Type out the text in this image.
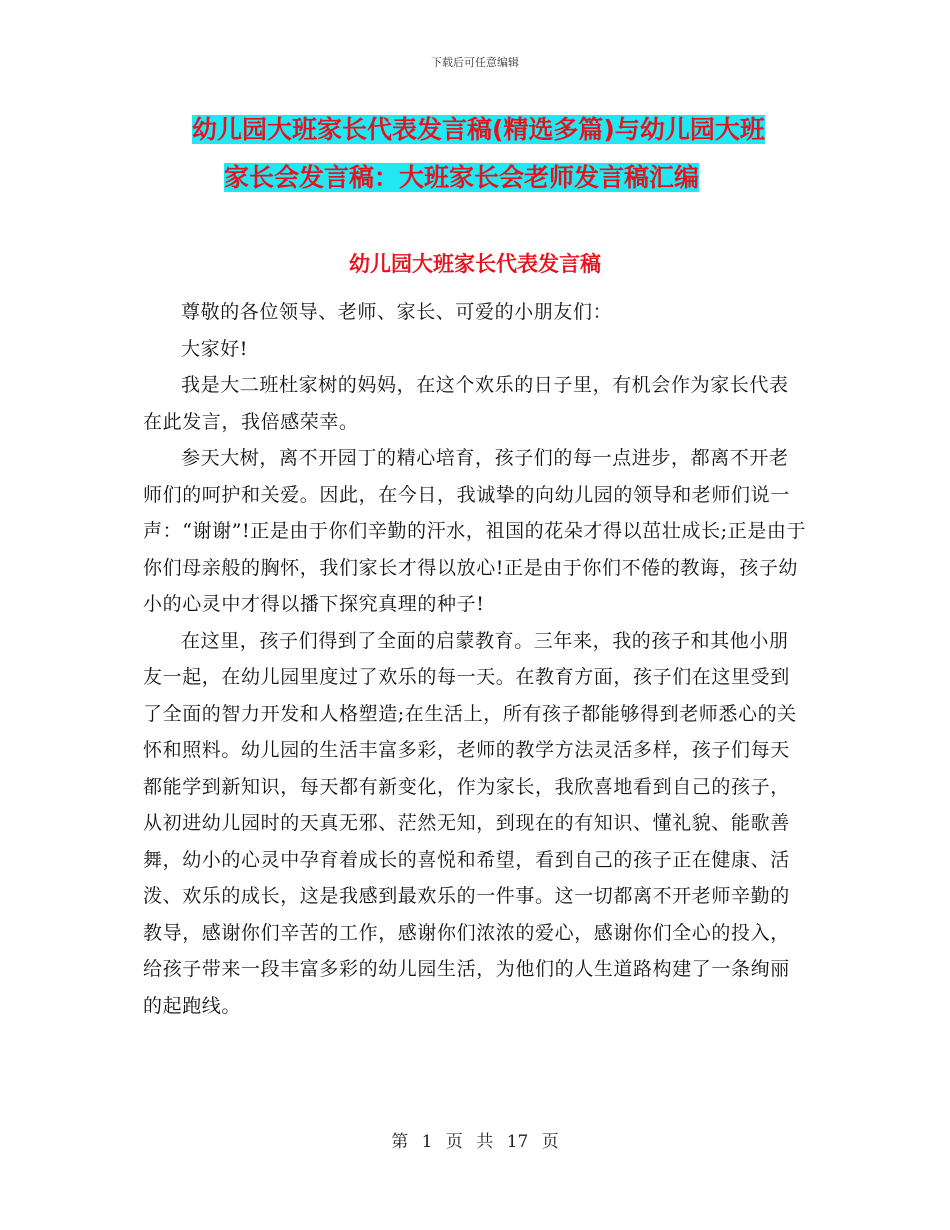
下载后可任意编辑
幼儿园大班家长代表发言稿(精选多篇)与幼儿园大班
家长会发言稿：大班家长会老师发言稿汇编
幼儿园大班家长代表发言稿

尊敬的各位领导、老师、家长、可爱的小朋友们：

大家好!

我是大二班杜家树的妈妈，在这个欢乐的日子里，有机会作为家长代表在此发言，我倍感荣幸。

参天大树，离不开园丁的精心培育，孩子们的每一点进步，都离不开老师们的呵护和关爱。因此，在今日，我诚挚的向幼儿园的领导和老师们说一声：“谢谢”!正是由于你们辛勤的汗水，祖国的花朵才得以茁壮成长;正是由于你们母亲般的胸怀，我们家长才得以放心!正是由于你们不倦的教诲，孩子幼小的心灵中才得以播下探究真理的种子!

在这里，孩子们得到了全面的启蒙教育。三年来，我的孩子和其他小朋友一起，在幼儿园里度过了欢乐的每一天。在教育方面，孩子们在这里受到了全面的智力开发和人格塑造;在生活上，所有孩子都能够得到老师悉心的关怀和照料。幼儿园的生活丰富多彩，老师的教学方法灵活多样，孩子们每天都能学到新知识，每天都有新变化，作为家长，我欣喜地看到自己的孩子，从初进幼儿园时的天真无邪、茫然无知，到现在的有知识、懂礼貌、能歌善舞，幼小的心灵中孕育着成长的喜悦和希望，看到自己的孩子正在健康、活泼、欢乐的成长，这是我感到最欢乐的一件事。这一切都离不开老师辛勤的教导，感谢你们辛苦的工作，感谢你们浓浓的爱心，感谢你们全心的投入，给孩子带来一段丰富多彩的幼儿园生活，为他们的人生道路构建了一条绚丽的起跑线。

第 1 页 共 17 页
